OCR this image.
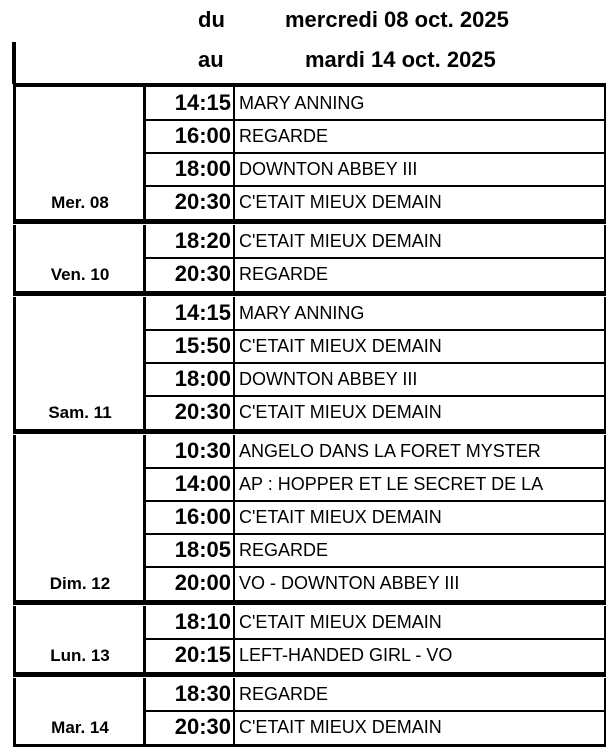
du	mercredi 08 oct. 2025
au	mardi 14 oct. 2025
14:15 MARY ANNING
16:00 REGARDE
18:00 DOWNTON ABBEY III
20:30 C'ETAIT MIEUX DEMAIN
Mer. 08
18:20 C'ETAIT MIEUX DEMAIN
20:30 REGARDE
Ven. 10
14:15 MARY ANNING
15:50 C'ETAIT MIEUX DEMAIN
18:00 DOWNTON ABBEY III
20:30 C'ETAIT MIEUX DEMAIN
Sam. 11
10:30 ANGELO DANS LA FORET MYSTER
14:00 AP : HOPPER ET LE SECRET DE LA
16:00 C'ETAIT MIEUX DEMAIN
18:05 REGARDE
20:00 VO - DOWNTON ABBEY III
Dim. 12
18:10 C'ETAIT MIEUX DEMAIN
20:15 LEFT-HANDED GIRL - VO
Lun. 13
18:30 REGARDE
20:30 C'ETAIT MIEUX DEMAIN
Mar. 14
